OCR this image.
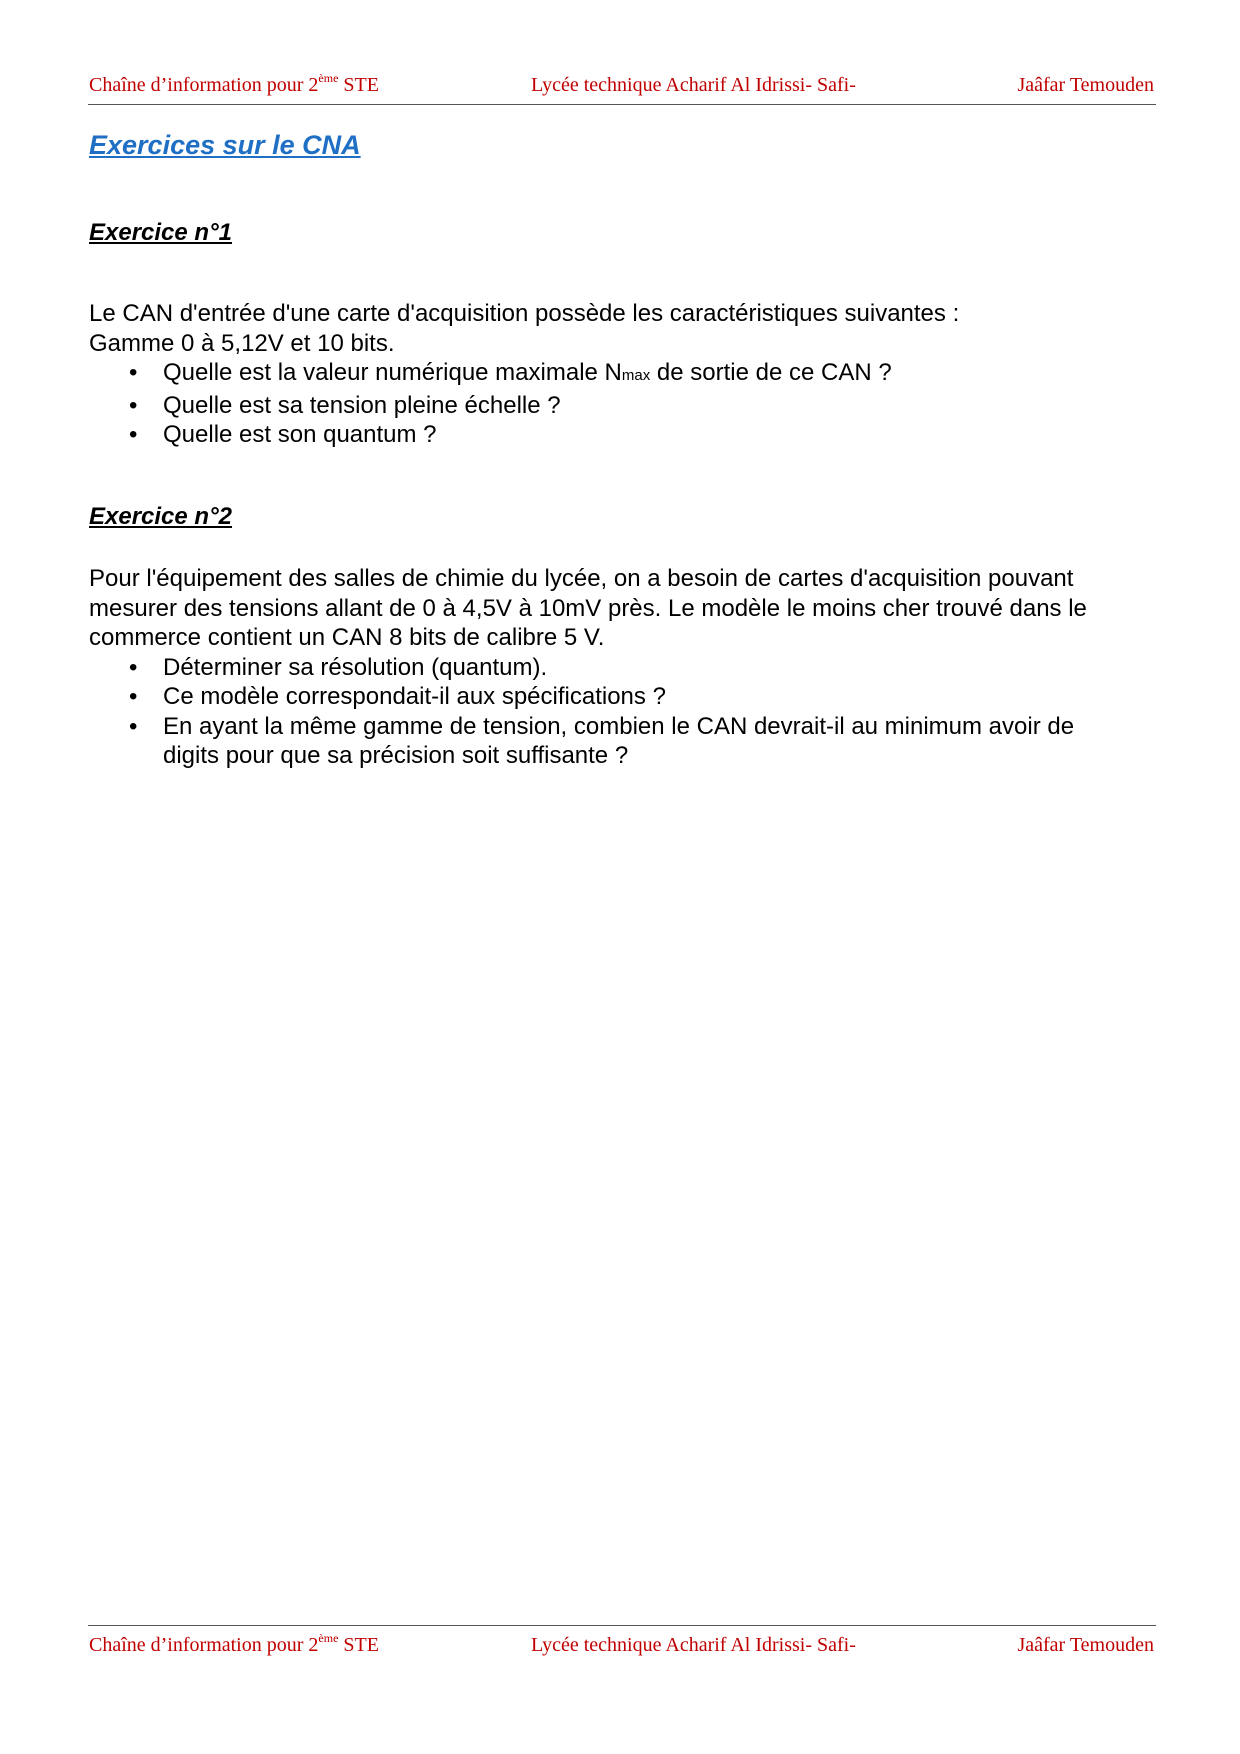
Chaîne d’information pour 2ème STE	Lycée technique Acharif Al Idrissi- Safi-	Jaâfar Temouden
Exercices sur le CNA
Exercice n°1

Le CAN d'entrée d'une carte d'acquisition possède les caractéristiques suivantes :

Gamme 0 à 5,12V et 10 bits.

• Quelle est la valeur numérique maximale Nmax de sortie de ce CAN ?
• Quelle est sa tension pleine échelle ?
• Quelle est son quantum ?
Exercice n°2

Pour l'équipement des salles de chimie du lycée, on a besoin de cartes d'acquisition pouvant

mesurer des tensions allant de 0 à 4,5V à 10mV près. Le modèle le moins cher trouvé dans le

commerce contient un CAN 8 bits de calibre 5 V.

• Déterminer sa résolution (quantum).
• Ce modèle correspondait-il aux spécifications ?
• En ayant la même gamme de tension, combien le CAN devrait-il au minimum avoir de
digits pour que sa précision soit suffisante ?
Chaîne d’information pour 2ème STE	Lycée technique Acharif Al Idrissi- Safi-	Jaâfar Temouden
